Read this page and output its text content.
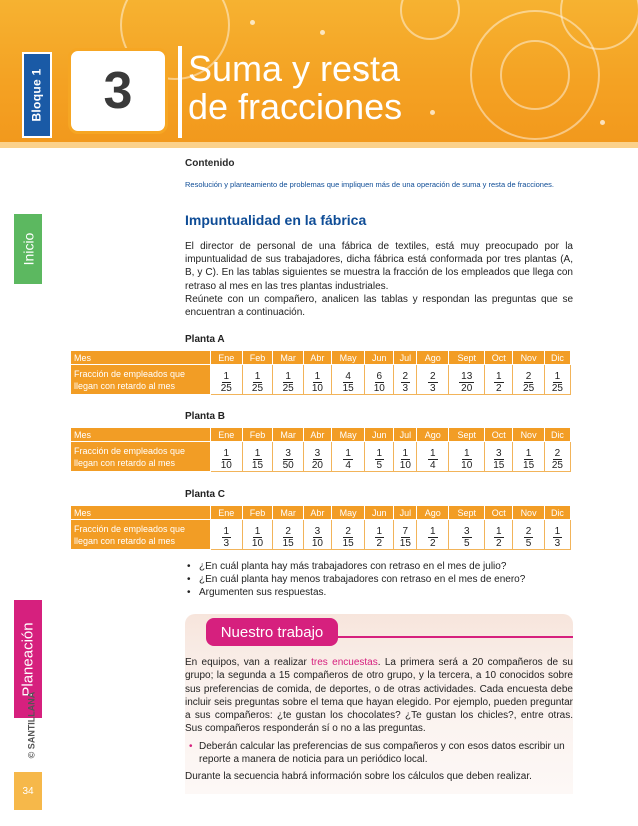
Bloque 1 3 Suma y resta
de fracciones
Inicio
Planeación
© SANTILLANA
34
Contenido
Resolución y planteamiento de problemas que impliquen más de una operación de suma y resta de fracciones.
Impuntualidad en la fábrica
El director de personal de una fábrica de textiles, está muy preocupado por la impuntualidad de sus trabajadores, dicha fábrica está conformada por tres plantas (A, B, y C). En las tablas siguientes se muestra la fracción de los empleados que llega con retraso al mes en las tres plantas industriales.
Reúnete con un compañero, analicen las tablas y respondan las preguntas que se encuentran a continuación.
Planta A
Planta B
Planta C
Mes	Ene	Feb	Mar	Abr	May	Jun	Jul	Ago	Sept	Oct	Nov	Dic
Fracción de empleados que llegan con retardo al mes	$\frac{1}{25}$	$\frac{1}{25}$	$\frac{1}{25}$	$\frac{1}{10}$	$\frac{4}{15}$	$\frac{6}{10}$	$\frac{2}{3}$	$\frac{2}{3}$	$\frac{13}{20}$	$\frac{1}{2}$	$\frac{2}{25}$	$\frac{1}{25}$
Mes	Ene	Feb	Mar	Abr	May	Jun	Jul	Ago	Sept	Oct	Nov	Dic
Fracción de empleados que llegan con retardo al mes	$\frac{1}{10}$	$\frac{1}{15}$	$\frac{3}{50}$	$\frac{3}{20}$	$\frac{1}{4}$	$\frac{1}{5}$	$\frac{1}{10}$	$\frac{1}{4}$	$\frac{1}{10}$	$\frac{3}{15}$	$\frac{1}{15}$	$\frac{2}{25}$
Mes	Ene	Feb	Mar	Abr	May	Jun	Jul	Ago	Sept	Oct	Nov	Dic
Fracción de empleados que llegan con retardo al mes	$\frac{1}{3}$	$\frac{1}{10}$	$\frac{2}{15}$	$\frac{3}{10}$	$\frac{2}{15}$	$\frac{1}{2}$	$\frac{7}{15}$	$\frac{1}{2}$	$\frac{3}{5}$	$\frac{1}{2}$	$\frac{2}{5}$	$\frac{1}{3}$
• ¿En cuál planta hay más trabajadores con retraso en el mes de julio?
• ¿En cuál planta hay menos trabajadores con retraso en el mes de enero?
• Argumenten sus respuestas.
Nuestro trabajo
En equipos, van a realizar tres encuestas. La primera será a 20 compañeros de su grupo; la segunda a 15 compañeros de otro grupo, y la tercera, a 10 conocidos sobre sus preferencias de comida, de deportes, o de otras actividades. Cada encuesta debe incluir seis preguntas sobre el tema que hayan elegido. Por ejemplo, pueden preguntar a sus compañeros: ¿te gustan los chocolates? ¿Te gustan los chicles?, entre otras. Sus compañeros responderán sí o no a las preguntas.
• Deberán calcular las preferencias de sus compañeros y con esos datos escribir un reporte a manera de noticia para un periódico local.
Durante la secuencia habrá información sobre los cálculos que deben realizar.
